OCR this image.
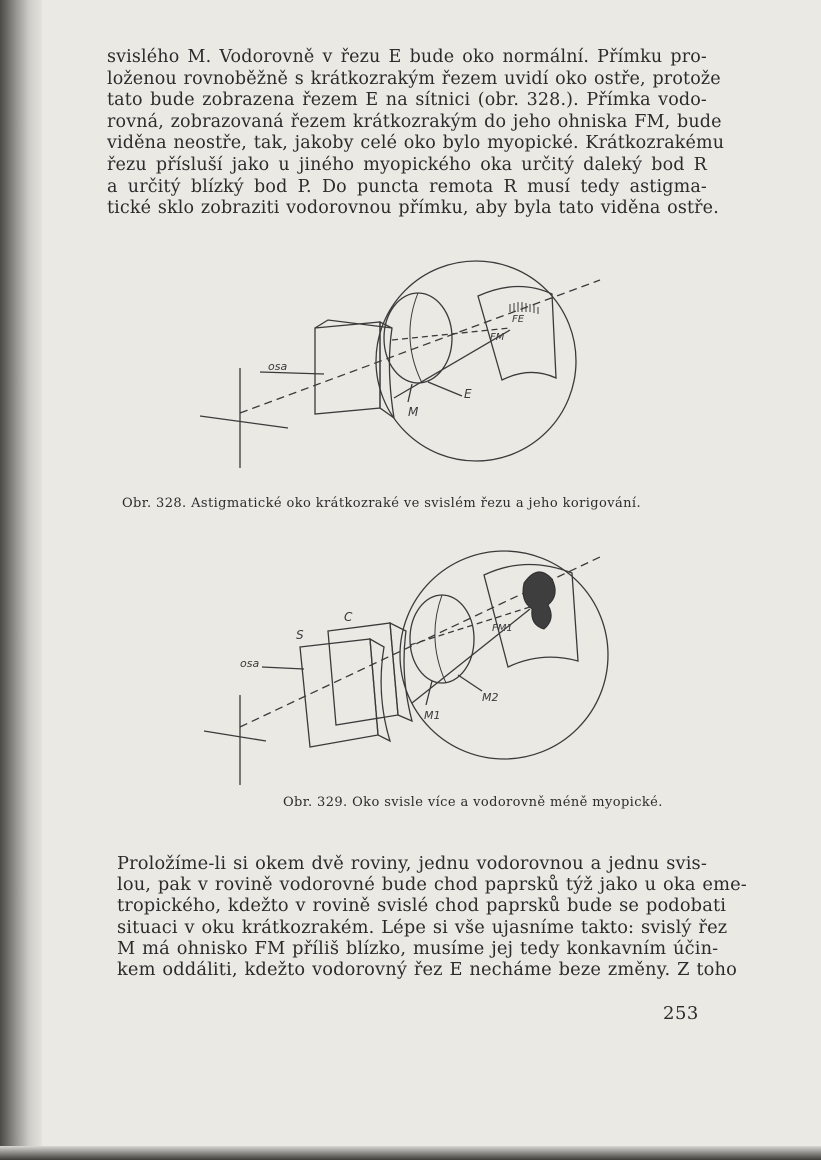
svislého M. Vodorovně v řezu E bude oko normální. Přímku pro-
loženou rovnoběžně s krátkozrakým řezem uvidí oko ostře, protože
tato bude zobrazena řezem E na sítnici (obr. 328.). Přímka vodo-
rovná, zobrazovaná řezem krátkozrakým do jeho ohniska FM, bude
viděna neostře, tak, jakoby celé oko bylo myopické. Krátkozrakému
řezu přísluší jako u jiného myopického oka určitý daleký bod R
a určitý blízký bod P. Do puncta remota R musí tedy astigma-
tické sklo zobraziti vodorovnou přímku, aby byla tato viděna ostře.

osa
FE
FM
E
M
Obr. 328. Astigmatické oko krátkozraké ve svislém řezu a jeho korigování.
osa
S
C
FM1
M2
M1
Obr. 329. Oko svisle více a vodorovně méně myopické.

Proložíme-li si okem dvě roviny, jednu vodorovnou a jednu svis-
lou, pak v rovině vodorovné bude chod paprsků týž jako u oka eme-
tropického, kdežto v rovině svislé chod paprsků bude se podobati
situaci v oku krátkozrakém. Lépe si vše ujasníme takto: svislý řez
M má ohnisko FM příliš blízko, musíme jej tedy konkavním účin-
kem oddáliti, kdežto vodorovný řez E necháme beze změny. Z toho

253
